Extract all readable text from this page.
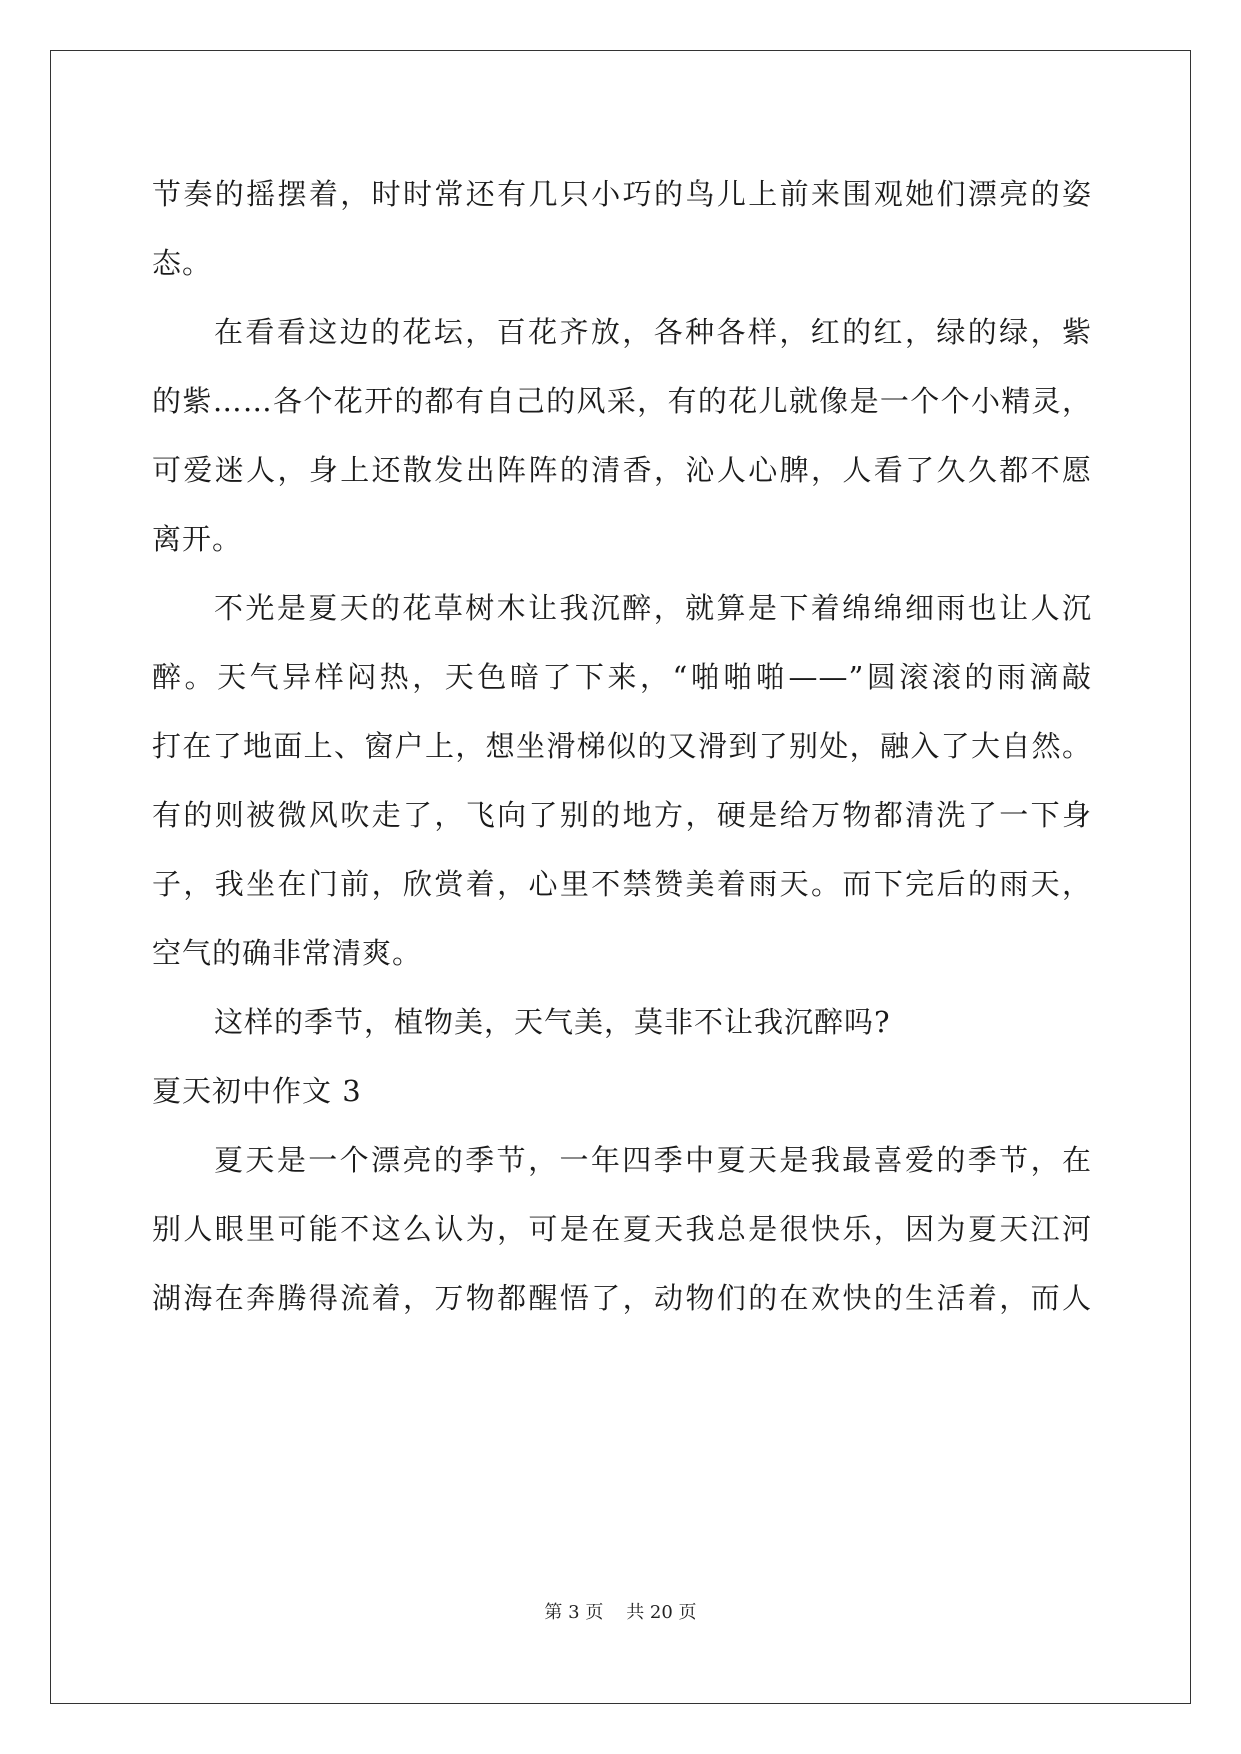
节奏的摇摆着，时时常还有几只小巧的鸟儿上前来围观她们漂亮的姿
态。
在看看这边的花坛，百花齐放，各种各样，红的红，绿的绿，紫
的紫……各个花开的都有自己的风采，有的花儿就像是一个个小精灵，
可爱迷人，身上还散发出阵阵的清香，沁人心脾，人看了久久都不愿
离开。
不光是夏天的花草树木让我沉醉，就算是下着绵绵细雨也让人沉
醉。天气异样闷热，天色暗了下来，“啪啪啪——”圆滚滚的雨滴敲
打在了地面上、窗户上，想坐滑梯似的又滑到了别处，融入了大自然。
有的则被微风吹走了，飞向了别的地方，硬是给万物都清洗了一下身
子，我坐在门前，欣赏着，心里不禁赞美着雨天。而下完后的雨天，
空气的确非常清爽。
这样的季节，植物美，天气美，莫非不让我沉醉吗?
夏天初中作文 3
夏天是一个漂亮的季节，一年四季中夏天是我最喜爱的季节，在
别人眼里可能不这么认为，可是在夏天我总是很快乐，因为夏天江河
湖海在奔腾得流着，万物都醒悟了，动物们的在欢快的生活着，而人
第 3 页    共 20 页
